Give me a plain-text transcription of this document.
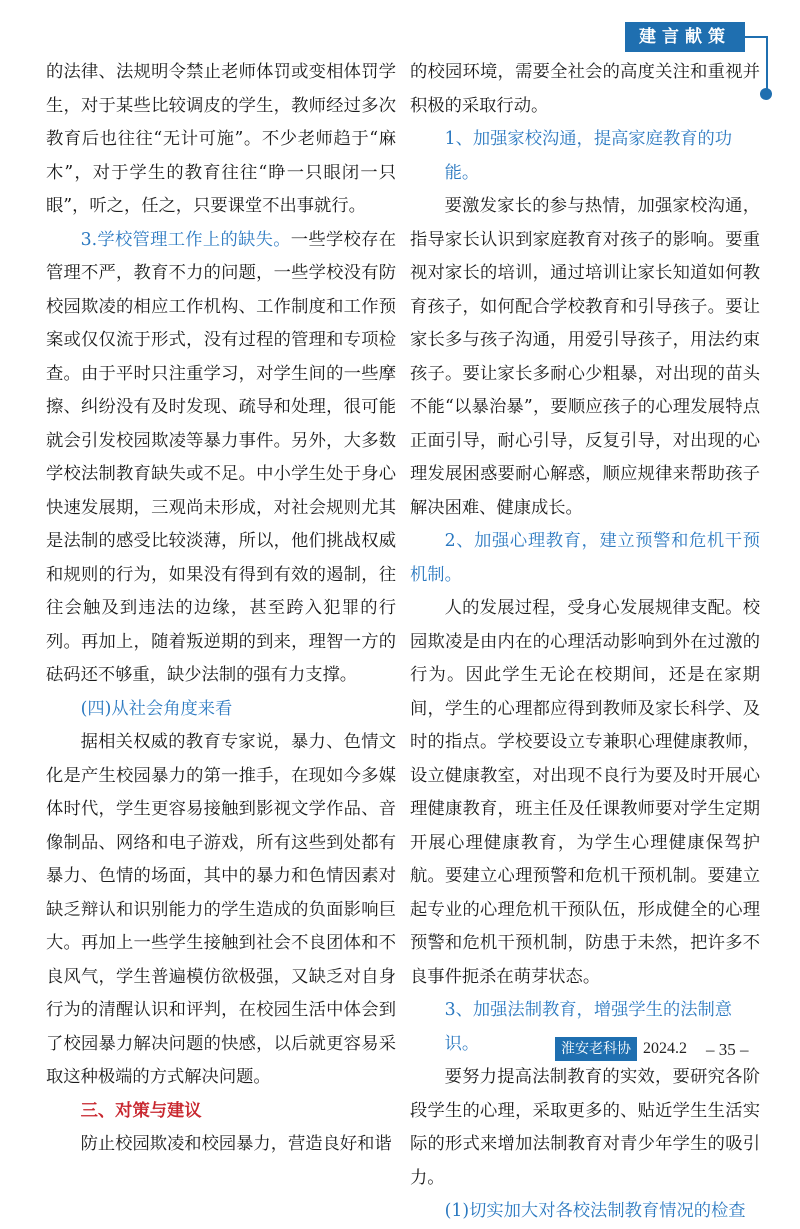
建言献策

的法律、法规明令禁止老师体罚或变相体罚学生，对于某些比较调皮的学生，教师经过多次教育后也往往“无计可施”。不少老师趋于“麻木”，对于学生的教育往往“睁一只眼闭一只眼”，听之，任之，只要课堂不出事就行。

3.学校管理工作上的缺失。一些学校存在管理不严，教育不力的问题，一些学校没有防校园欺凌的相应工作机构、工作制度和工作预案或仅仅流于形式，没有过程的管理和专项检查。由于平时只注重学习，对学生间的一些摩擦、纠纷没有及时发现、疏导和处理，很可能就会引发校园欺凌等暴力事件。另外，大多数学校法制教育缺失或不足。中小学生处于身心快速发展期，三观尚未形成，对社会规则尤其是法制的感受比较淡薄，所以，他们挑战权威和规则的行为，如果没有得到有效的遏制，往往会触及到违法的边缘，甚至跨入犯罪的行列。再加上，随着叛逆期的到来，理智一方的砝码还不够重，缺少法制的强有力支撑。

(四)从社会角度来看

据相关权威的教育专家说，暴力、色情文化是产生校园暴力的第一推手，在现如今多媒体时代，学生更容易接触到影视文学作品、音像制品、网络和电子游戏，所有这些到处都有暴力、色情的场面，其中的暴力和色情因素对缺乏辩认和识别能力的学生造成的负面影响巨大。再加上一些学生接触到社会不良团体和不良风气，学生普遍模仿欲极强，又缺乏对自身行为的清醒认识和评判，在校园生活中体会到了校园暴力解决问题的快感，以后就更容易采取这种极端的方式解决问题。

三、对策与建议

防止校园欺凌和校园暴力，营造良好和谐

的校园环境，需要全社会的高度关注和重视并积极的采取行动。

1、加强家校沟通，提高家庭教育的功能。

要激发家长的参与热情，加强家校沟通，指导家长认识到家庭教育对孩子的影响。要重视对家长的培训，通过培训让家长知道如何教育孩子，如何配合学校教育和引导孩子。要让家长多与孩子沟通，用爱引导孩子，用法约束孩子。要让家长多耐心少粗暴，对出现的苗头不能“以暴治暴”，要顺应孩子的心理发展特点正面引导，耐心引导，反复引导，对出现的心理发展困惑要耐心解惑，顺应规律来帮助孩子解决困难、健康成长。

2、加强心理教育，建立预警和危机干预机制。

人的发展过程，受身心发展规律支配。校园欺凌是由内在的心理活动影响到外在过激的行为。因此学生无论在校期间，还是在家期间，学生的心理都应得到教师及家长科学、及时的指点。学校要设立专兼职心理健康教师，设立健康教室，对出现不良行为要及时开展心理健康教育，班主任及任课教师要对学生定期开展心理健康教育，为学生心理健康保驾护航。要建立心理预警和危机干预机制。要建立起专业的心理危机干预队伍，形成健全的心理预警和危机干预机制，防患于未然，把许多不良事件扼杀在萌芽状态。

3、加强法制教育，增强学生的法制意识。

要努力提高法制教育的实效，要研究各阶段学生的心理，采取更多的、贴近学生生活实际的形式来增加法制教育对青少年学生的吸引力。

(1)切实加大对各校法制教育情况的检查

淮安老科协 2024.2 – 35 –
